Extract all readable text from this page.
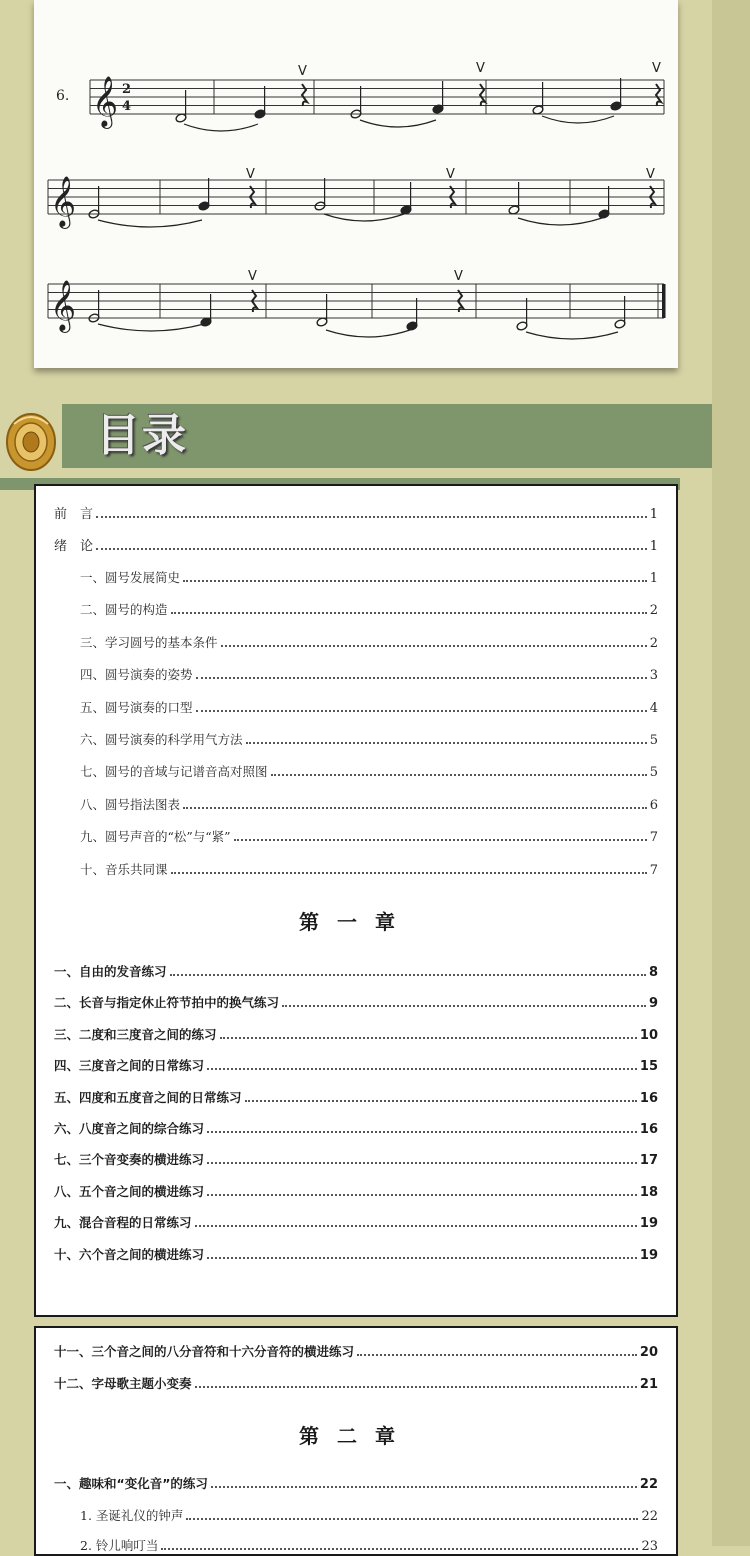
6. 𝄞
𝄞
𝄞
2
4
V	V	V
V	V	V
V	V
目录
前　言	1
绪　论	1
一、圆号发展简史	1
二、圆号的构造	2
三、学习圆号的基本条件	2
四、圆号演奏的姿势	3
五、圆号演奏的口型	4
六、圆号演奏的科学用气方法	5
七、圆号的音域与记谱音高对照图	5
八、圆号指法图表	6
九、圆号声音的“松”与“紧”	7
十、音乐共同课	7
第一章
一、自由的发音练习	8
二、长音与指定休止符节拍中的换气练习	9
三、二度和三度音之间的练习	10
四、三度音之间的日常练习	15
五、四度和五度音之间的日常练习	16
六、八度音之间的综合练习	16
七、三个音变奏的横进练习	17
八、五个音之间的横进练习	18
九、混合音程的日常练习	19
十、六个音之间的横进练习	19
十一、三个音之间的八分音符和十六分音符的横进练习	20
十二、字母歌主题小变奏	21
第二章
一、趣味和“变化音”的练习	22
1. 圣诞礼仪的钟声	22
2. 铃儿响叮当	23
